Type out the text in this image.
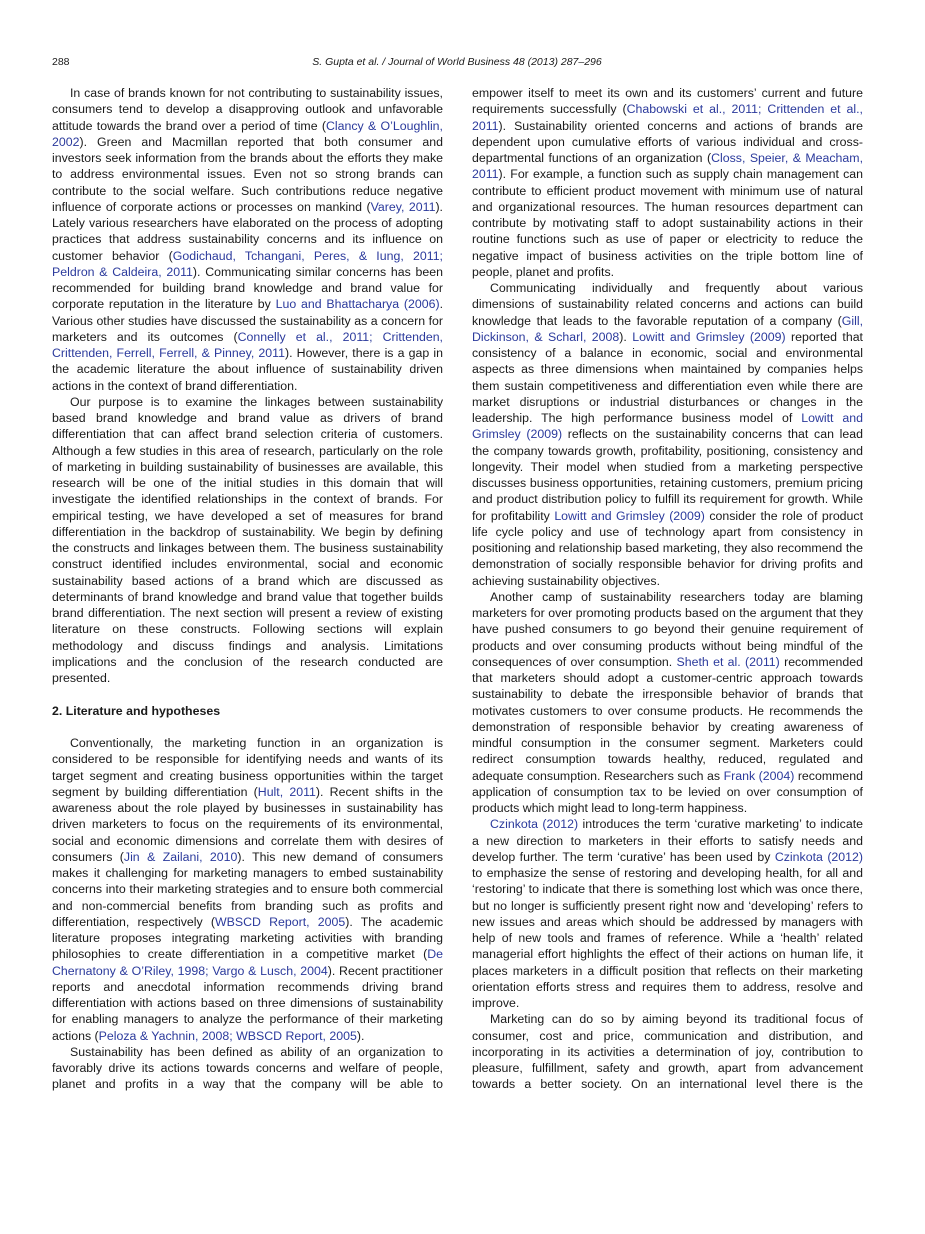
288	S. Gupta et al. / Journal of World Business 48 (2013) 287–296

In case of brands known for not contributing to sustainability issues, consumers tend to develop a disapproving outlook and unfavorable attitude towards the brand over a period of time (Clancy & O’Loughlin, 2002). Green and Macmillan reported that both consumer and investors seek information from the brands about the efforts they make to address environmental issues. Even not so strong brands can contribute to the social welfare. Such contributions reduce negative influence of corporate actions or processes on mankind (Varey, 2011). Lately various researchers have elaborated on the process of adopting practices that address sustainability concerns and its influence on customer behavior (Godichaud, Tchangani, Peres, & Iung, 2011; Peldron & Caldeira, 2011). Communicating similar concerns has been recommended for building brand knowledge and brand value for corporate reputation in the literature by Luo and Bhattacharya (2006). Various other studies have discussed the sustainability as a concern for marketers and its outcomes (Connelly et al., 2011; Crittenden, Crittenden, Ferrell, Ferrell, & Pinney, 2011). However, there is a gap in the academic literature the about influence of sustainability driven actions in the context of brand differentiation.

Our purpose is to examine the linkages between sustainability based brand knowledge and brand value as drivers of brand differentiation that can affect brand selection criteria of customers. Although a few studies in this area of research, particularly on the role of marketing in building sustainability of businesses are available, this research will be one of the initial studies in this domain that will investigate the identified relationships in the context of brands. For empirical testing, we have developed a set of measures for brand differentiation in the backdrop of sustainability. We begin by defining the constructs and linkages between them. The business sustainability construct identified includes environmental, social and economic sustainability based actions of a brand which are discussed as determinants of brand knowledge and brand value that together builds brand differentiation. The next section will present a review of existing literature on these constructs. Following sections will explain methodology and discuss findings and analysis. Limitations implications and the conclusion of the research conducted are presented.

2. Literature and hypotheses

Conventionally, the marketing function in an organization is considered to be responsible for identifying needs and wants of its target segment and creating business opportunities within the target segment by building differentiation (Hult, 2011). Recent shifts in the awareness about the role played by businesses in sustainability has driven marketers to focus on the requirements of its environmental, social and economic dimensions and correlate them with desires of consumers (Jin & Zailani, 2010). This new demand of consumers makes it challenging for marketing managers to embed sustainability concerns into their marketing strategies and to ensure both commercial and non-commercial benefits from branding such as profits and differentiation, respectively (WBSCD Report, 2005). The academic literature proposes integrating marketing activities with branding philosophies to create differentiation in a competitive market (De Chernatony & O’Riley, 1998; Vargo & Lusch, 2004). Recent practitioner reports and anecdotal information recommends driving brand differentiation with actions based on three dimensions of sustainability for enabling managers to analyze the performance of their marketing actions (Peloza & Yachnin, 2008; WBSCD Report, 2005).

Sustainability has been defined as ability of an organization to favorably drive its actions towards concerns and welfare of people, planet and profits in a way that the company will be able to

empower itself to meet its own and its customers’ current and future requirements successfully (Chabowski et al., 2011; Crittenden et al., 2011). Sustainability oriented concerns and actions of brands are dependent upon cumulative efforts of various individual and cross-departmental functions of an organization (Closs, Speier, & Meacham, 2011). For example, a function such as supply chain management can contribute to efficient product movement with minimum use of natural and organizational resources. The human resources department can contribute by motivating staff to adopt sustainability actions in their routine functions such as use of paper or electricity to reduce the negative impact of business activities on the triple bottom line of people, planet and profits.

Communicating individually and frequently about various dimensions of sustainability related concerns and actions can build knowledge that leads to the favorable reputation of a company (Gill, Dickinson, & Scharl, 2008). Lowitt and Grimsley (2009) reported that consistency of a balance in economic, social and environmental aspects as three dimensions when maintained by companies helps them sustain competitiveness and differentiation even while there are market disruptions or industrial disturbances or changes in the leadership. The high performance business model of Lowitt and Grimsley (2009) reflects on the sustainability concerns that can lead the company towards growth, profitability, positioning, consistency and longevity. Their model when studied from a marketing perspective discusses business opportunities, retaining customers, premium pricing and product distribution policy to fulfill its requirement for growth. While for profitability Lowitt and Grimsley (2009) consider the role of product life cycle policy and use of technology apart from consistency in positioning and relationship based marketing, they also recommend the demonstration of socially responsible behavior for driving profits and achieving sustainability objectives.

Another camp of sustainability researchers today are blaming marketers for over promoting products based on the argument that they have pushed consumers to go beyond their genuine requirement of products and over consuming products without being mindful of the consequences of over consumption. Sheth et al. (2011) recommended that marketers should adopt a customer-centric approach towards sustainability to debate the irresponsible behavior of brands that motivates customers to over consume products. He recommends the demonstration of responsible behavior by creating awareness of mindful consumption in the consumer segment. Marketers could redirect consumption towards healthy, reduced, regulated and adequate consumption. Researchers such as Frank (2004) recommend application of consumption tax to be levied on over consumption of products which might lead to long-term happiness.

Czinkota (2012) introduces the term ‘curative marketing’ to indicate a new direction to marketers in their efforts to satisfy needs and develop further. The term ‘curative’ has been used by Czinkota (2012) to emphasize the sense of restoring and developing health, for all and ‘restoring’ to indicate that there is something lost which was once there, but no longer is sufficiently present right now and ‘developing’ refers to new issues and areas which should be addressed by managers with help of new tools and frames of reference. While a ‘health’ related managerial effort highlights the effect of their actions on human life, it places marketers in a difficult position that reflects on their marketing orientation efforts stress and requires them to address, resolve and improve.

Marketing can do so by aiming beyond its traditional focus of consumer, cost and price, communication and distribution, and incorporating in its activities a determination of joy, contribution to pleasure, fulfillment, safety and growth, apart from advancement towards a better society. On an international level there is the
